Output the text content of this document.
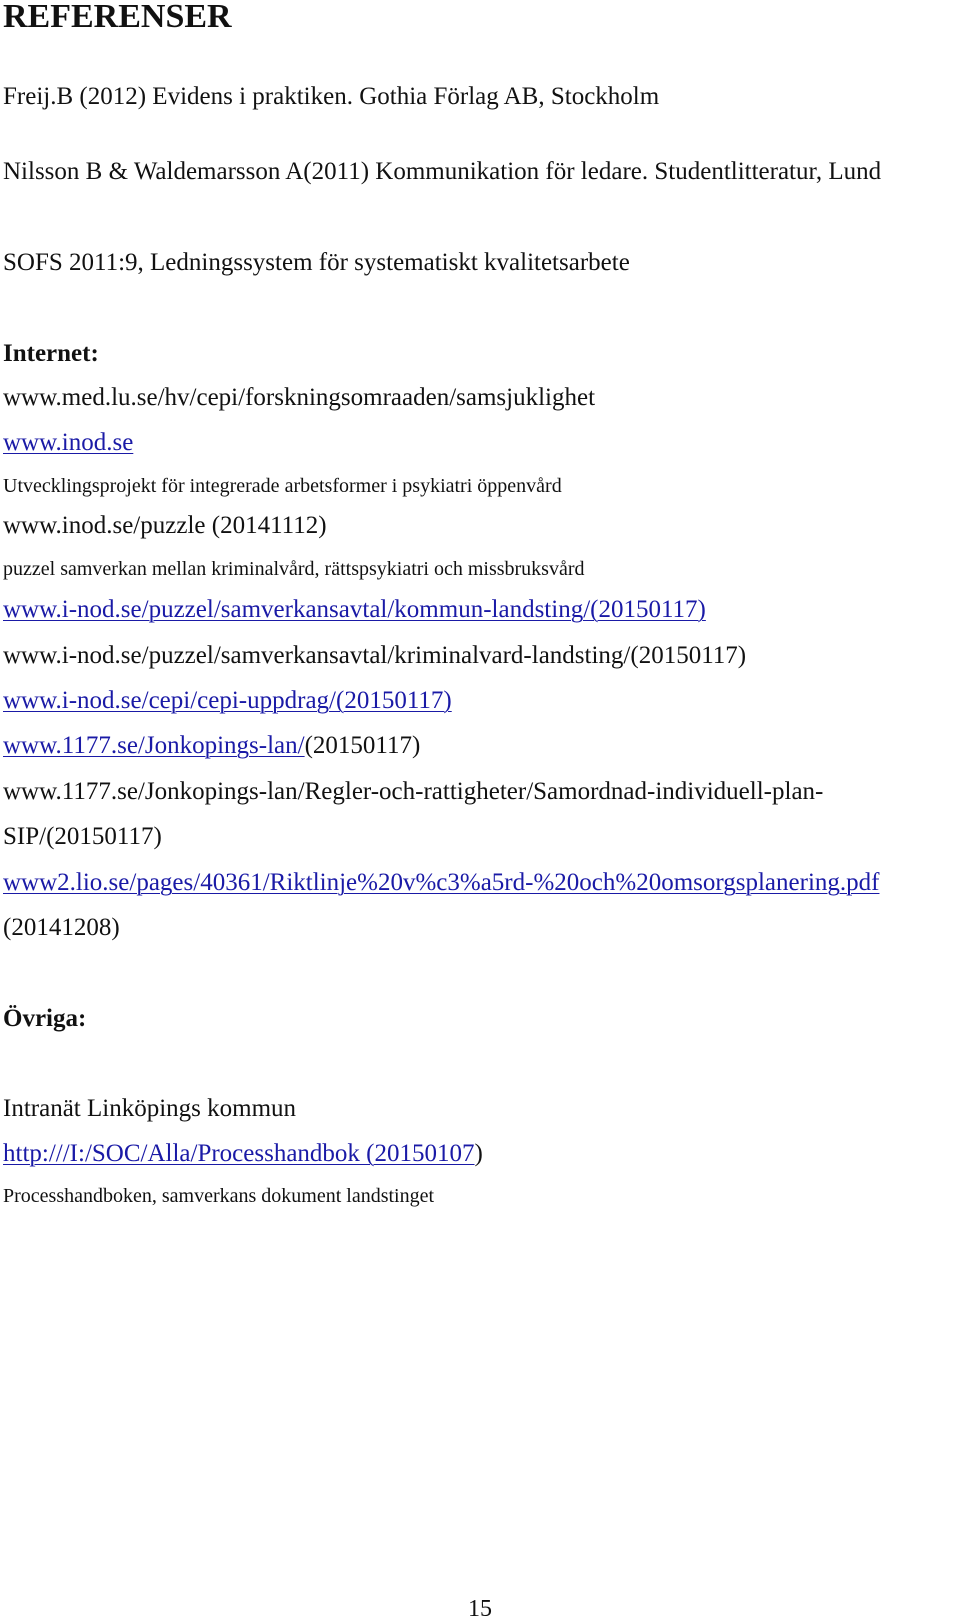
REFERENSER
Freij.B (2012) Evidens i praktiken. Gothia Förlag AB, Stockholm
Nilsson B & Waldemarsson A(2011) Kommunikation för ledare. Studentlitteratur, Lund
SOFS 2011:9, Ledningssystem för systematiskt kvalitetsarbete
Internet:
www.med.lu.se/hv/cepi/forskningsomraaden/samsjuklighet
www.inod.se
Utvecklingsprojekt för integrerade arbetsformer i psykiatri öppenvård
www.inod.se/puzzle (20141112)
puzzel samverkan mellan kriminalvård, rättspsykiatri och missbruksvård
www.i-nod.se/puzzel/samverkansavtal/kommun-landsting/(20150117)
www.i-nod.se/puzzel/samverkansavtal/kriminalvard-landsting/(20150117)
www.i-nod.se/cepi/cepi-uppdrag/(20150117)
www.1177.se/Jonkopings-lan/(20150117)
www.1177.se/Jonkopings-lan/Regler-och-rattigheter/Samordnad-individuell-plan-
SIP/(20150117)
www2.lio.se/pages/40361/Riktlinje%20v%c3%a5rd-%20och%20omsorgsplanering.pdf
(20141208)
Övriga:
Intranät Linköpings kommun
http:///I:/SOC/Alla/Processhandbok (20150107)
Processhandboken, samverkans dokument landstinget
15
